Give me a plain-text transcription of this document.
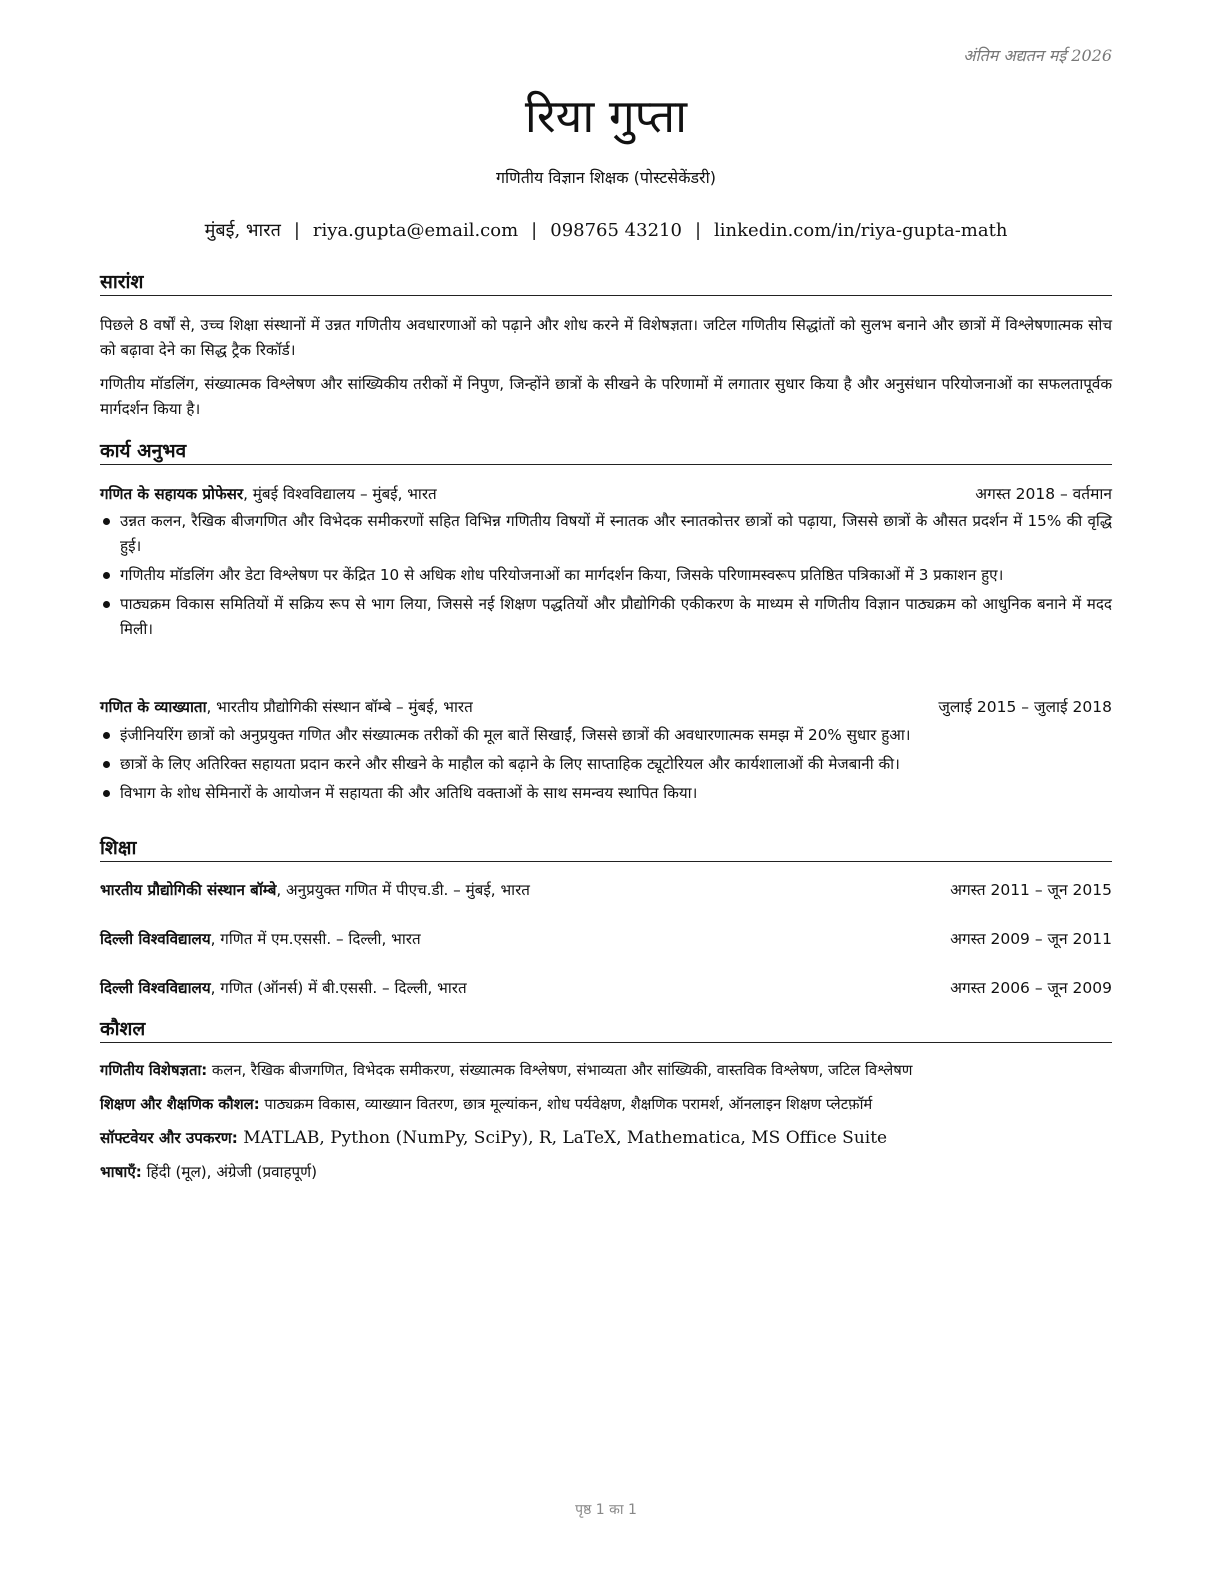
अंतिम अद्यतन मई 2026
रिया गुप्ता
गणितीय विज्ञान शिक्षक (पोस्टसेकेंडरी)
मुंबई, भारत | riya.gupta@email.com | 098765 43210 | linkedin.com/in/riya-gupta-math
सारांश
पिछले 8 वर्षों से, उच्च शिक्षा संस्थानों में उन्नत गणितीय अवधारणाओं को पढ़ाने और शोध करने में विशेषज्ञता। जटिल गणितीय सिद्धांतों को सुलभ बनाने और छात्रों में विश्लेषणात्मक सोच को बढ़ावा देने का सिद्ध ट्रैक रिकॉर्ड।
गणितीय मॉडलिंग, संख्यात्मक विश्लेषण और सांख्यिकीय तरीकों में निपुण, जिन्होंने छात्रों के सीखने के परिणामों में लगातार सुधार किया है और अनुसंधान परियोजनाओं का सफलतापूर्वक मार्गदर्शन किया है।
कार्य अनुभव
गणित के सहायक प्रोफेसर, मुंबई विश्वविद्यालय – मुंबई, भारत	अगस्त 2018 – वर्तमान
उन्नत कलन, रैखिक बीजगणित और विभेदक समीकरणों सहित विभिन्न गणितीय विषयों में स्नातक और स्नातकोत्तर छात्रों को पढ़ाया, जिससे छात्रों के औसत प्रदर्शन में 15% की वृद्धि हुई।
गणितीय मॉडलिंग और डेटा विश्लेषण पर केंद्रित 10 से अधिक शोध परियोजनाओं का मार्गदर्शन किया, जिसके परिणामस्वरूप प्रतिष्ठित पत्रिकाओं में 3 प्रकाशन हुए।
पाठ्यक्रम विकास समितियों में सक्रिय रूप से भाग लिया, जिससे नई शिक्षण पद्धतियों और प्रौद्योगिकी एकीकरण के माध्यम से गणितीय विज्ञान पाठ्यक्रम को आधुनिक बनाने में मदद मिली।
गणित के व्याख्याता, भारतीय प्रौद्योगिकी संस्थान बॉम्बे – मुंबई, भारत	जुलाई 2015 – जुलाई 2018
इंजीनियरिंग छात्रों को अनुप्रयुक्त गणित और संख्यात्मक तरीकों की मूल बातें सिखाईं, जिससे छात्रों की अवधारणात्मक समझ में 20% सुधार हुआ।
छात्रों के लिए अतिरिक्त सहायता प्रदान करने और सीखने के माहौल को बढ़ाने के लिए साप्ताहिक ट्यूटोरियल और कार्यशालाओं की मेजबानी की।
विभाग के शोध सेमिनारों के आयोजन में सहायता की और अतिथि वक्ताओं के साथ समन्वय स्थापित किया।
शिक्षा
भारतीय प्रौद्योगिकी संस्थान बॉम्बे, अनुप्रयुक्त गणित में पीएच.डी. – मुंबई, भारत	अगस्त 2011 – जून 2015
दिल्ली विश्वविद्यालय, गणित में एम.एससी. – दिल्ली, भारत	अगस्त 2009 – जून 2011
दिल्ली विश्वविद्यालय, गणित (ऑनर्स) में बी.एससी. – दिल्ली, भारत	अगस्त 2006 – जून 2009
कौशल
गणितीय विशेषज्ञता: कलन, रैखिक बीजगणित, विभेदक समीकरण, संख्यात्मक विश्लेषण, संभाव्यता और सांख्यिकी, वास्तविक विश्लेषण, जटिल विश्लेषण
शिक्षण और शैक्षणिक कौशल: पाठ्यक्रम विकास, व्याख्यान वितरण, छात्र मूल्यांकन, शोध पर्यवेक्षण, शैक्षणिक परामर्श, ऑनलाइन शिक्षण प्लेटफ़ॉर्म
सॉफ्टवेयर और उपकरण: MATLAB, Python (NumPy, SciPy), R, LaTeX, Mathematica, MS Office Suite
भाषाएँ: हिंदी (मूल), अंग्रेजी (प्रवाहपूर्ण)
पृष्ठ 1 का 1
